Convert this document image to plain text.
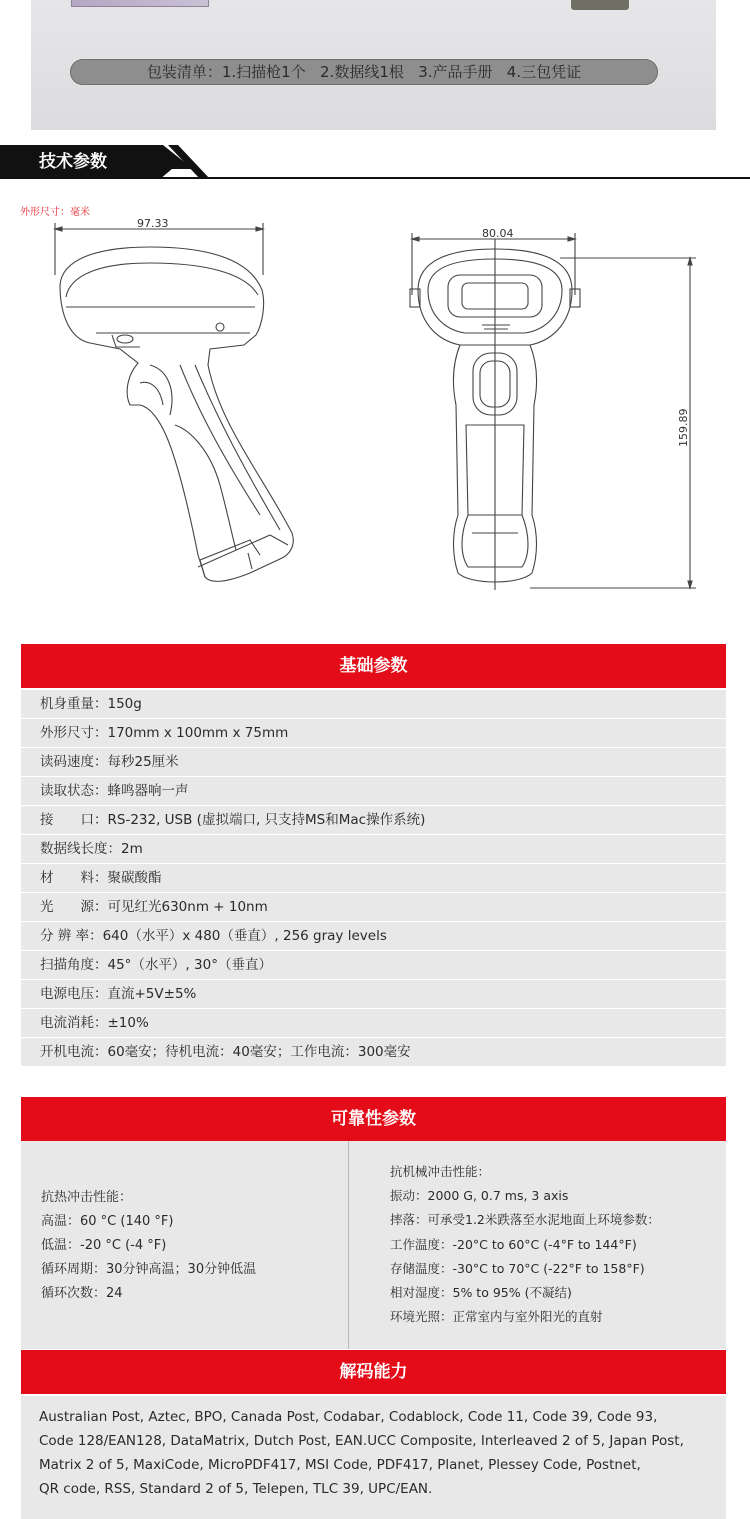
包装清单：1.扫描枪1个   2.数据线1根   3.产品手册   4.三包凭证
技术参数
外形尺寸：毫米
97.33
80.04
159.89
基础参数
机身重量：150g
外形尺寸：170mm x 100mm x 75mm
读码速度：每秒25厘米
读取状态：蜂鸣器响一声
接　　口：RS-232, USB (虚拟端口, 只支持MS和Mac操作系统)
数据线长度：2m
材　　料：聚碳酸酯
光　　源：可见红光630nm + 10nm
分 辨 率：640（水平）x 480（垂直）, 256 gray levels
扫描角度：45°（水平）, 30°（垂直）
电源电压：直流+5V±5%
电流消耗：±10%
开机电流：60毫安；待机电流：40毫安；工作电流：300毫安
可靠性参数
抗热冲击性能：
高温：60 °C (140 °F)
低温：-20 °C (-4 °F)
循环周期：30分钟高温；30分钟低温
循环次数：24
抗机械冲击性能：
振动：2000 G, 0.7 ms, 3 axis
摔落：可承受1.2米跌落至水泥地面上环境参数：
工作温度：-20°C to 60°C (-4°F to 144°F)
存储温度：-30°C to 70°C (-22°F to 158°F)
相对湿度：5% to 95% (不凝结)
环境光照：正常室内与室外阳光的直射
解码能力
Australian Post, Aztec, BPO, Canada Post, Codabar, Codablock, Code 11, Code 39, Code 93,
Code 128/EAN128, DataMatrix, Dutch Post, EAN.UCC Composite, Interleaved 2 of 5, Japan Post,
Matrix 2 of 5, MaxiCode, MicroPDF417, MSI Code, PDF417, Planet, Plessey Code, Postnet,
QR code, RSS, Standard 2 of 5, Telepen, TLC 39, UPC/EAN.
